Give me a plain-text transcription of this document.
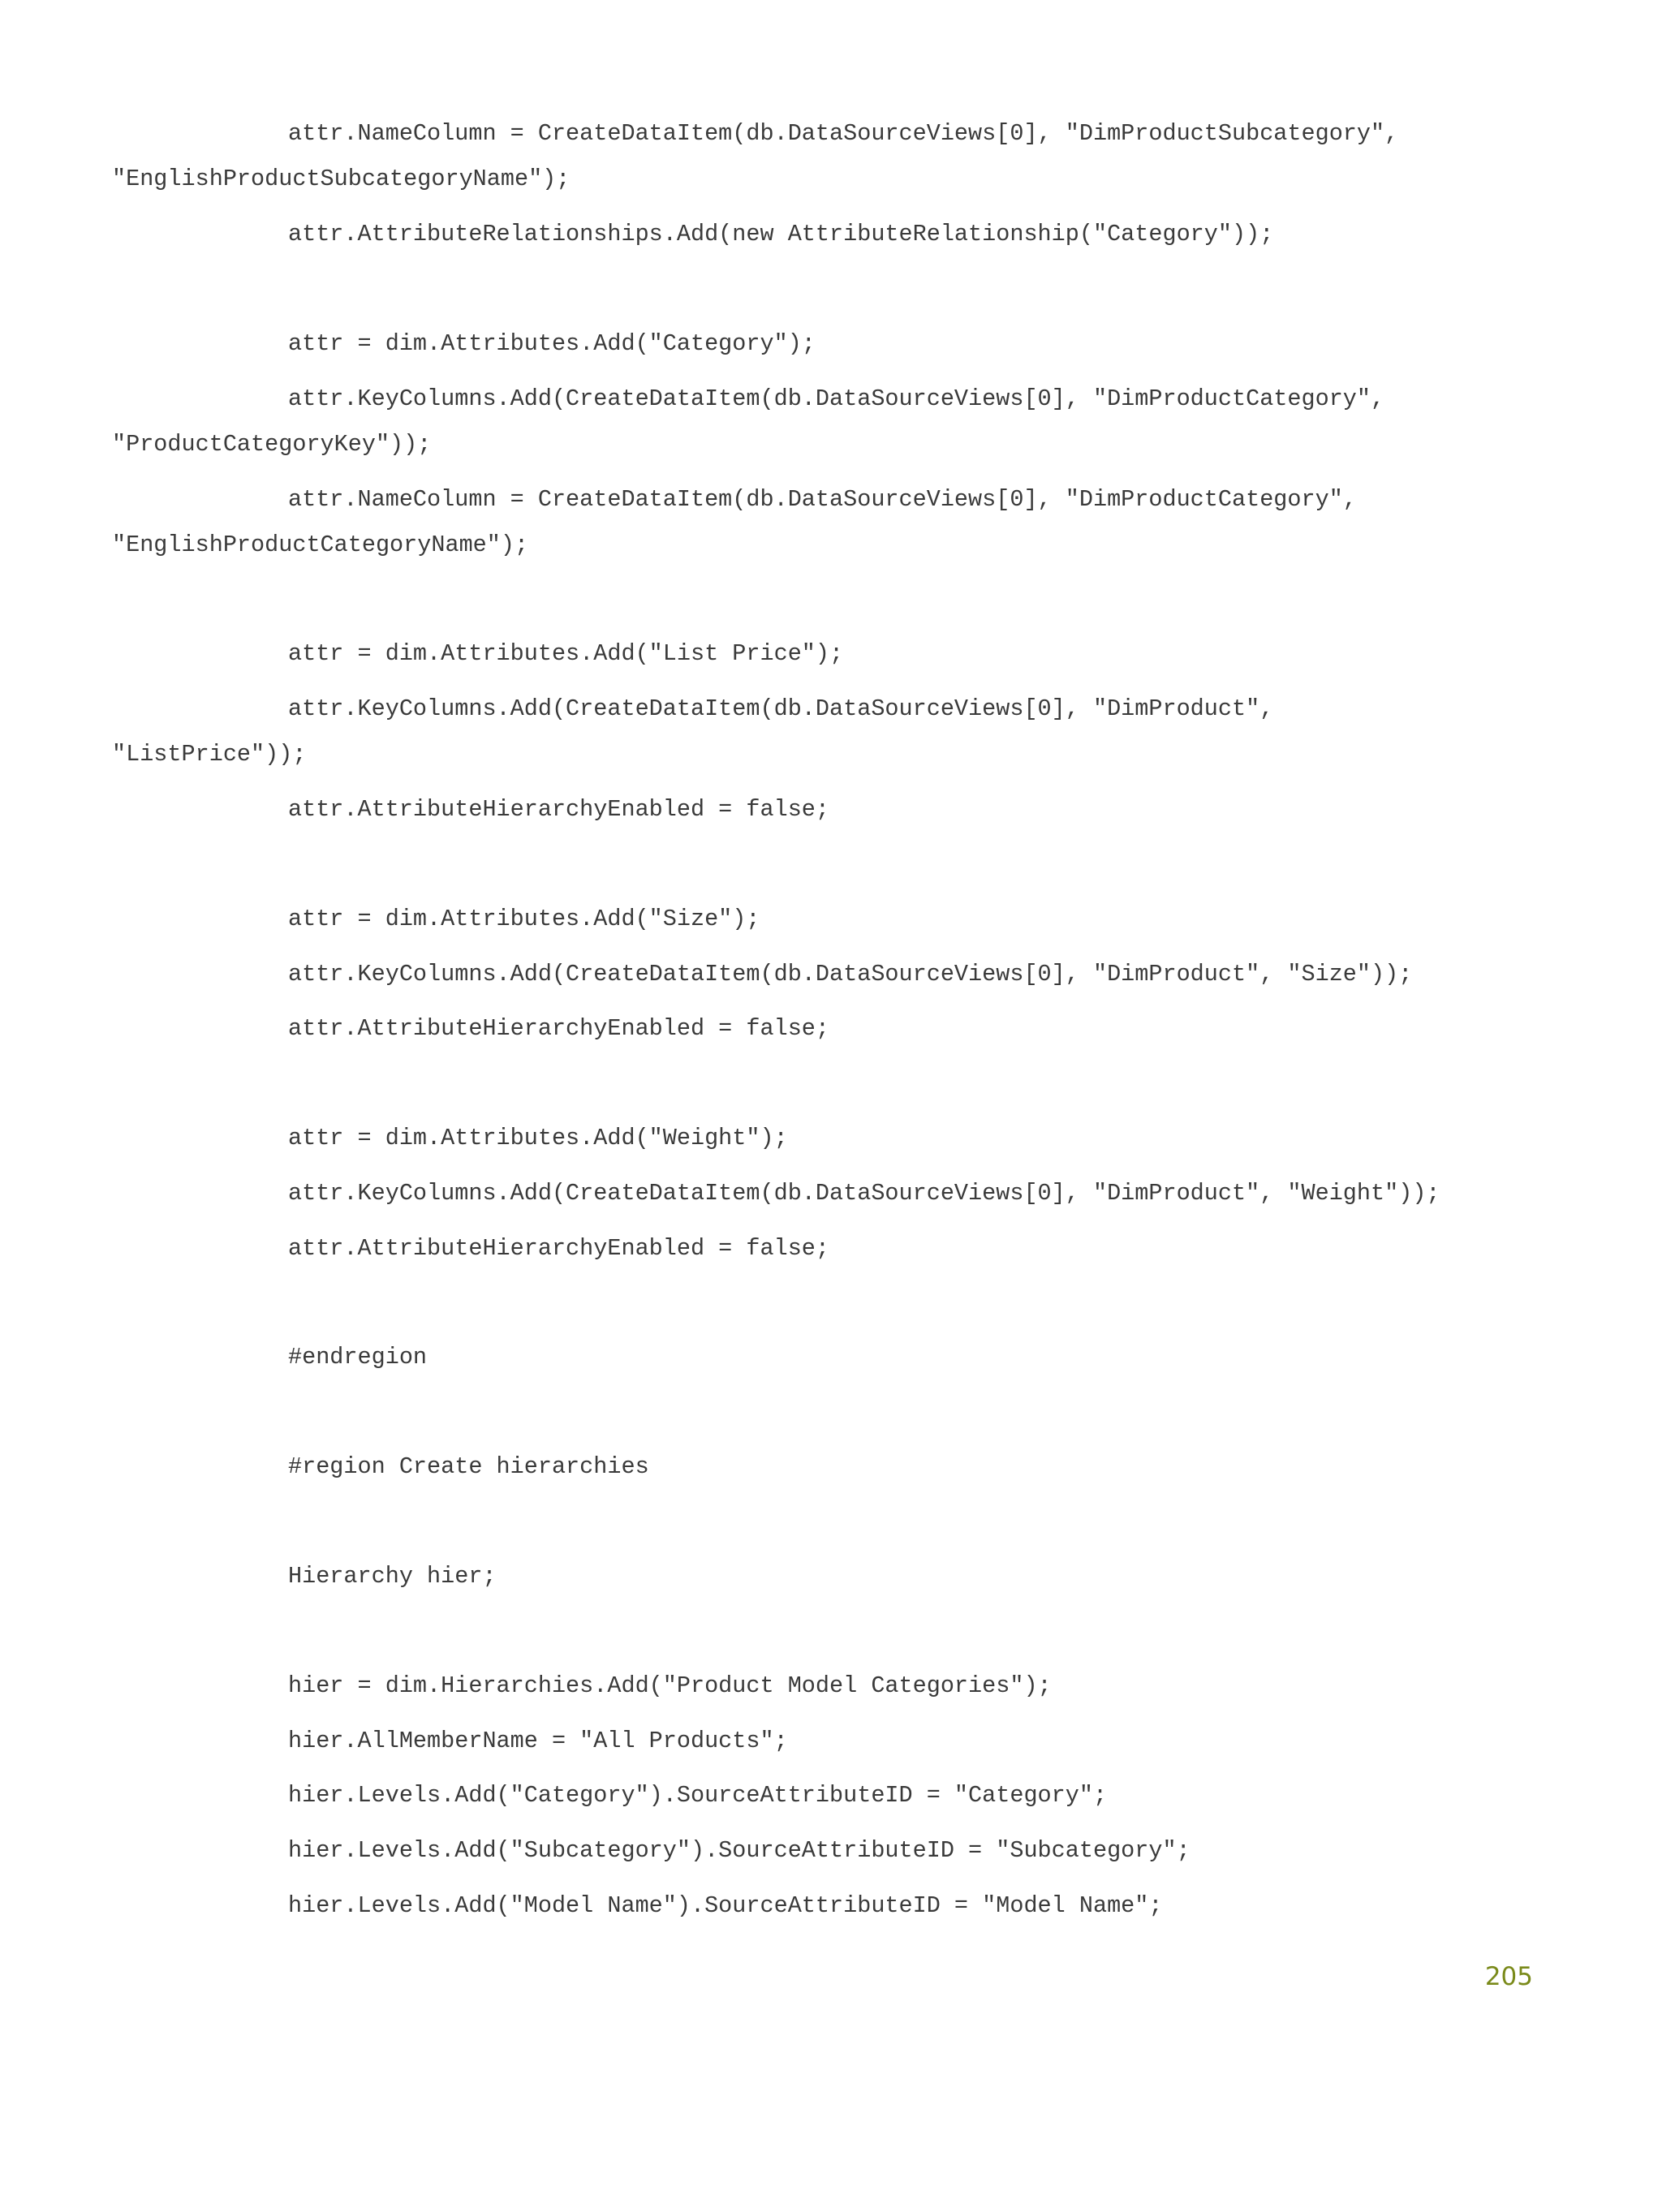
attr.NameColumn = CreateDataItem(db.DataSourceViews[0], "DimProductSubcategory",

"EnglishProductSubcategoryName");

attr.AttributeRelationships.Add(new AttributeRelationship("Category"));

attr = dim.Attributes.Add("Category");

attr.KeyColumns.Add(CreateDataItem(db.DataSourceViews[0], "DimProductCategory",

"ProductCategoryKey"));

attr.NameColumn = CreateDataItem(db.DataSourceViews[0], "DimProductCategory",

"EnglishProductCategoryName");

attr = dim.Attributes.Add("List Price");

attr.KeyColumns.Add(CreateDataItem(db.DataSourceViews[0], "DimProduct",

"ListPrice"));

attr.AttributeHierarchyEnabled = false;

attr = dim.Attributes.Add("Size");

attr.KeyColumns.Add(CreateDataItem(db.DataSourceViews[0], "DimProduct", "Size"));

attr.AttributeHierarchyEnabled = false;

attr = dim.Attributes.Add("Weight");

attr.KeyColumns.Add(CreateDataItem(db.DataSourceViews[0], "DimProduct", "Weight"));

attr.AttributeHierarchyEnabled = false;

#endregion

#region Create hierarchies

Hierarchy hier;

hier = dim.Hierarchies.Add("Product Model Categories");

hier.AllMemberName = "All Products";

hier.Levels.Add("Category").SourceAttributeID = "Category";

hier.Levels.Add("Subcategory").SourceAttributeID = "Subcategory";

hier.Levels.Add("Model Name").SourceAttributeID = "Model Name";

205
